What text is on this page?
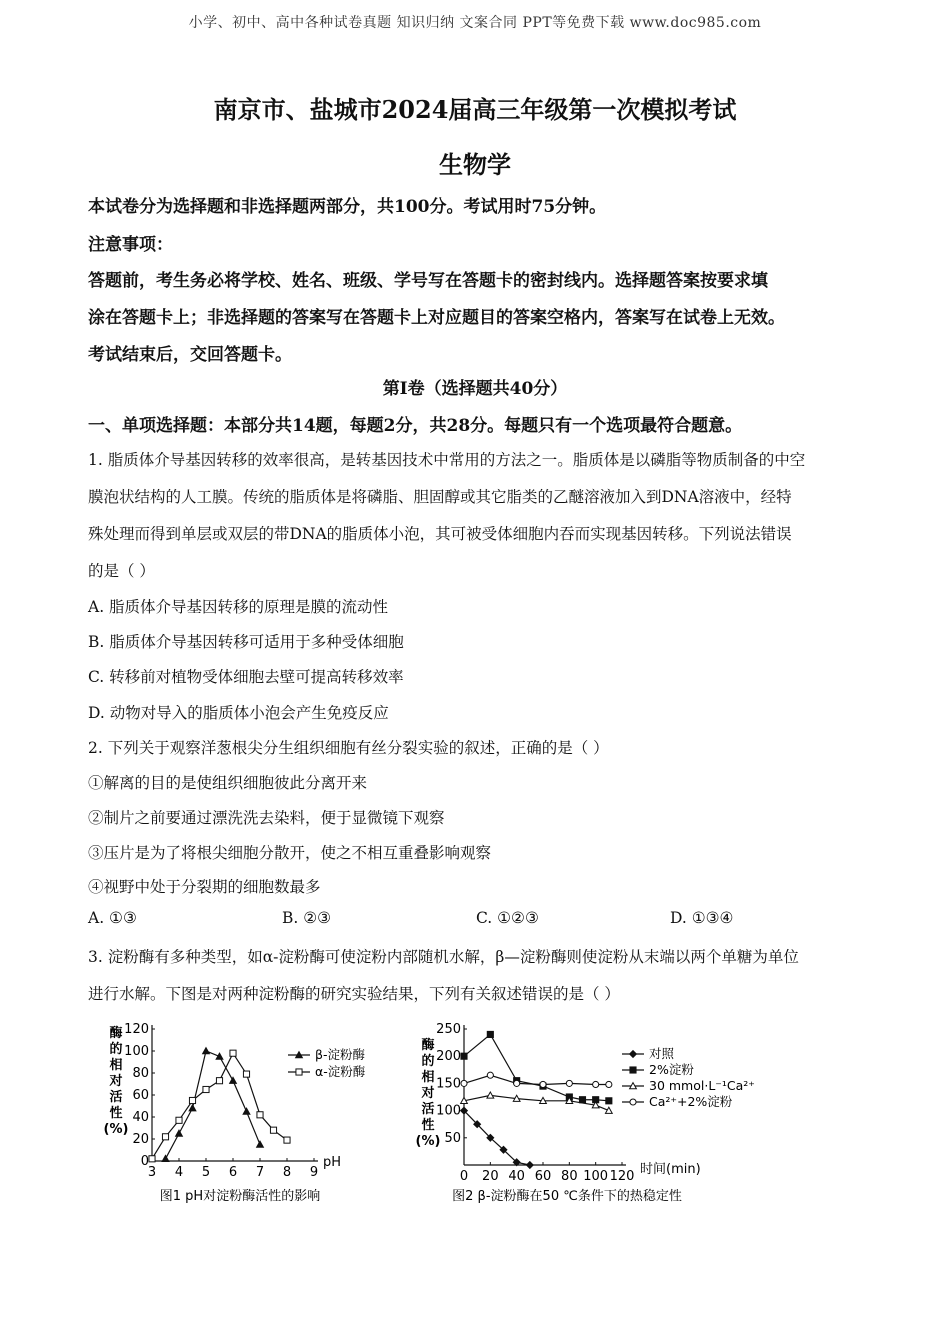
小学、初中、高中各种试卷真题 知识归纳 文案合同 PPT等免费下载 www.doc985.com
南京市、盐城市2024届高三年级第一次模拟考试
生物学
本试卷分为选择题和非选择题两部分，共100分。考试用时75分钟。
注意事项：
答题前，考生务必将学校、姓名、班级、学号写在答题卡的密封线内。选择题答案按要求填
涂在答题卡上；非选择题的答案写在答题卡上对应题目的答案空格内，答案写在试卷上无效。
考试结束后，交回答题卡。
第Ⅰ卷（选择题共40分）
一、单项选择题：本部分共14题，每题2分，共28分。每题只有一个选项最符合题意。
1. 脂质体介导基因转移的效率很高，是转基因技术中常用的方法之一。脂质体是以磷脂等物质制备的中空
膜泡状结构的人工膜。传统的脂质体是将磷脂、胆固醇或其它脂类的乙醚溶液加入到DNA溶液中，经特
殊处理而得到单层或双层的带DNA的脂质体小泡，其可被受体细胞内吞而实现基因转移。下列说法错误
的是（ ）
A. 脂质体介导基因转移的原理是膜的流动性
B. 脂质体介导基因转移可适用于多种受体细胞
C. 转移前对植物受体细胞去壁可提高转移效率
D. 动物对导入的脂质体小泡会产生免疫反应
2. 下列关于观察洋葱根尖分生组织细胞有丝分裂实验的叙述，正确的是（ ）
①解离的目的是使组织细胞彼此分离开来
②制片之前要通过漂洗洗去染料，便于显微镜下观察
③压片是为了将根尖细胞分散开，使之不相互重叠影响观察
④视野中处于分裂期的细胞数最多
A. ①③	B. ②③	C. ①②③	D. ①③④
3. 淀粉酶有多种类型，如α-淀粉酶可使淀粉内部随机水解，β—淀粉酶则使淀粉从末端以两个单糖为单位
进行水解。下图是对两种淀粉酶的研究实验结果，下列有关叙述错误的是（ ）
酶
的
相
对
活
性
(%)
3 4 5 6 7 8 9
0
20
40
60
80
100
120
β-淀粉酶
α-淀粉酶
pH
图1 pH对淀粉酶活性的影响
酶
的
相
对
活
性
(%)
0 20 40 60 80 100 120
50
100
150
200
250
对照
2%淀粉
30 mmol·L⁻¹Ca²⁺
Ca²⁺+2%淀粉
时间(min)
图2 β-淀粉酶在50 ℃条件下的热稳定性
